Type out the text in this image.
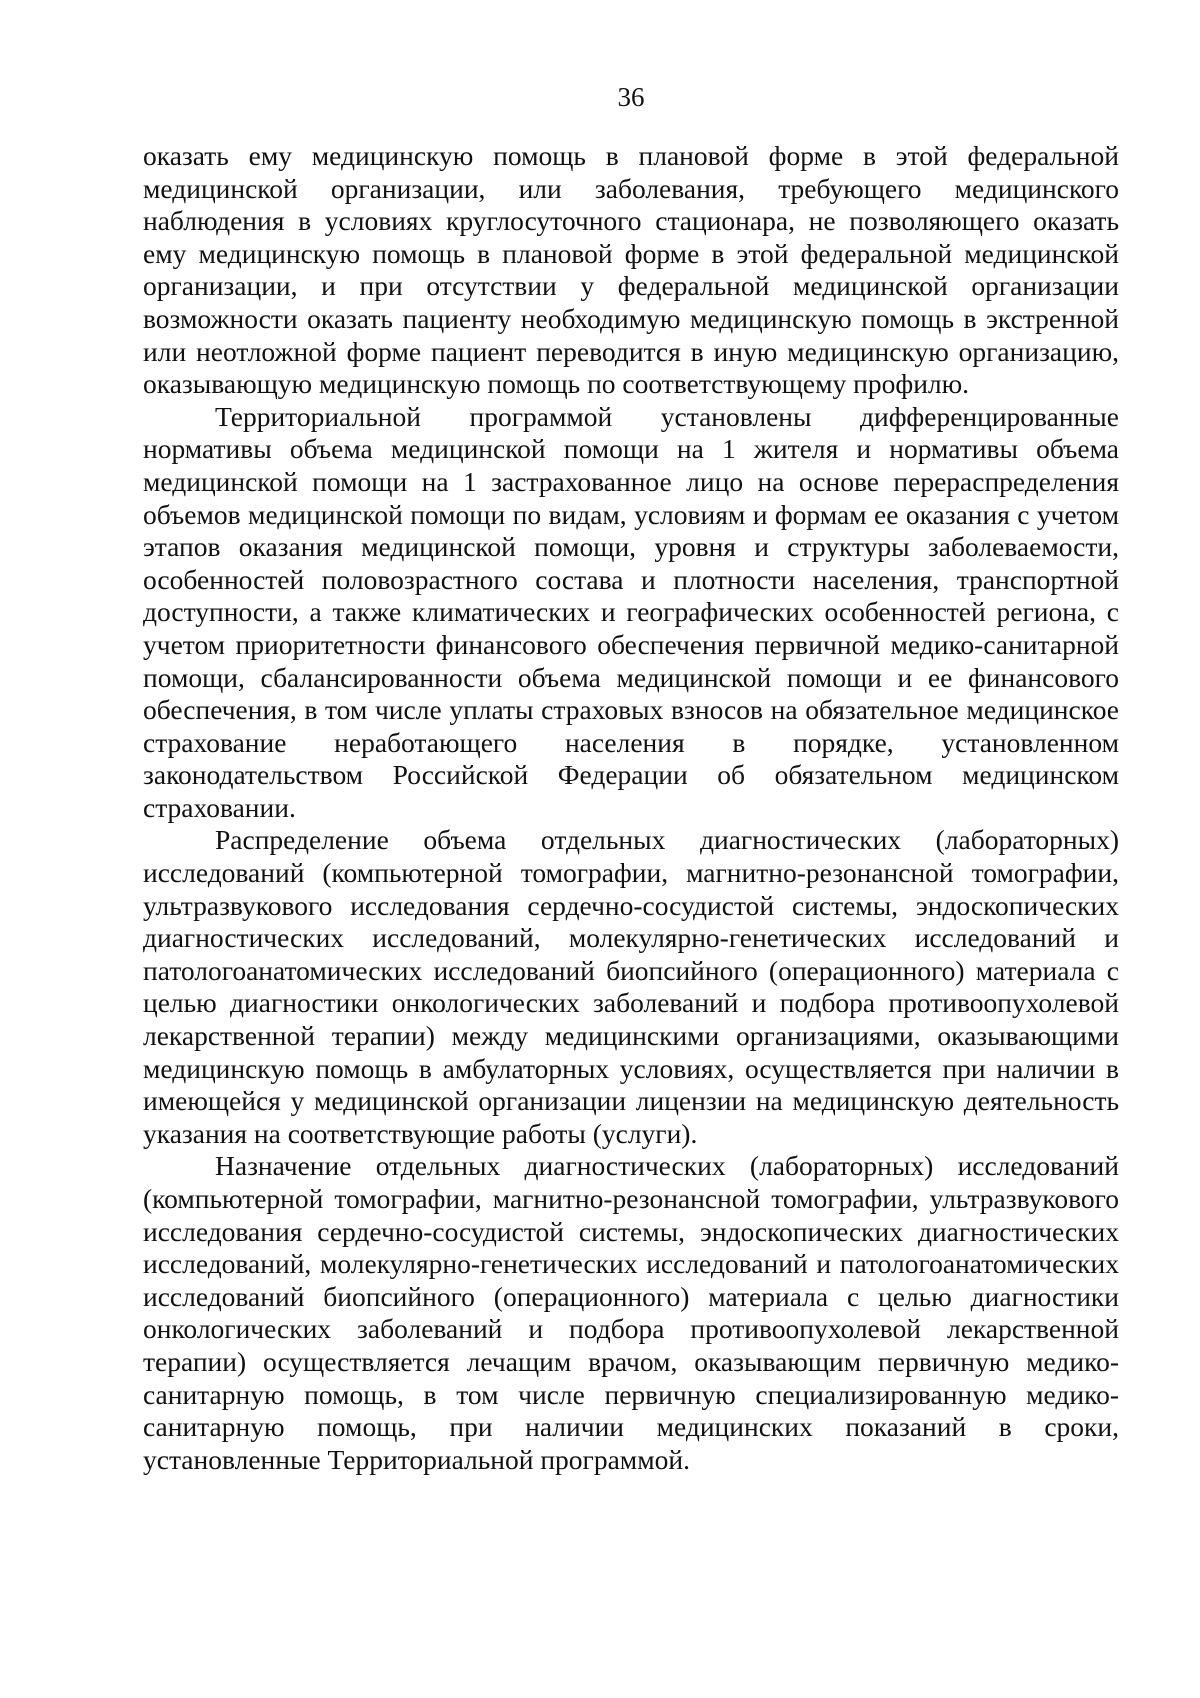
36

оказать ему медицинскую помощь в плановой форме в этой федеральной медицинской организации, или заболевания, требующего медицинского наблюдения в условиях круглосуточного стационара, не позволяющего оказать ему медицинскую помощь в плановой форме в этой федеральной медицинской организации, и при отсутствии у федеральной медицинской организации возможности оказать пациенту необходимую медицинскую помощь в экстренной или неотложной форме пациент переводится в иную медицинскую организацию, оказывающую медицинскую помощь по соответствующему профилю.

Территориальной программой установлены дифференцированные нормативы объема медицинской помощи на 1 жителя и нормативы объема медицинской помощи на 1 застрахованное лицо на основе перераспределения объемов медицинской помощи по видам, условиям и формам ее оказания с учетом этапов оказания медицинской помощи, уровня и структуры заболеваемости, особенностей половозрастного состава и плотности населения, транспортной доступности, а также климатических и географических особенностей региона, с учетом приоритетности финансового обеспечения первичной медико-санитарной помощи, сбалансированности объема медицинской помощи и ее финансового обеспечения, в том числе уплаты страховых взносов на обязательное медицинское страхование неработающего населения в порядке, установленном законодательством Российской Федерации об обязательном медицинском страховании.

Распределение объема отдельных диагностических (лабораторных) исследований (компьютерной томографии, магнитно-резонансной томографии, ультразвукового исследования сердечно-сосудистой системы, эндоскопических диагностических исследований, молекулярно-генетических исследований и патологоанатомических исследований биопсийного (операционного) материала с целью диагностики онкологических заболеваний и подбора противоопухолевой лекарственной терапии) между медицинскими организациями, оказывающими медицинскую помощь в амбулаторных условиях, осуществляется при наличии в имеющейся у медицинской организации лицензии на медицинскую деятельность указания на соответствующие работы (услуги).

Назначение отдельных диагностических (лабораторных) исследований (компьютерной томографии, магнитно-резонансной томографии, ультразвукового исследования сердечно-сосудистой системы, эндоскопических диагностических исследований, молекулярно-генетических исследований и патологоанатомических исследований биопсийного (операционного) материала с целью диагностики онкологических заболеваний и подбора противоопухолевой лекарственной терапии) осуществляется лечащим врачом, оказывающим первичную медико-санитарную помощь, в том числе первичную специализированную медико-санитарную помощь, при наличии медицинских показаний в сроки, установленные Территориальной программой.
